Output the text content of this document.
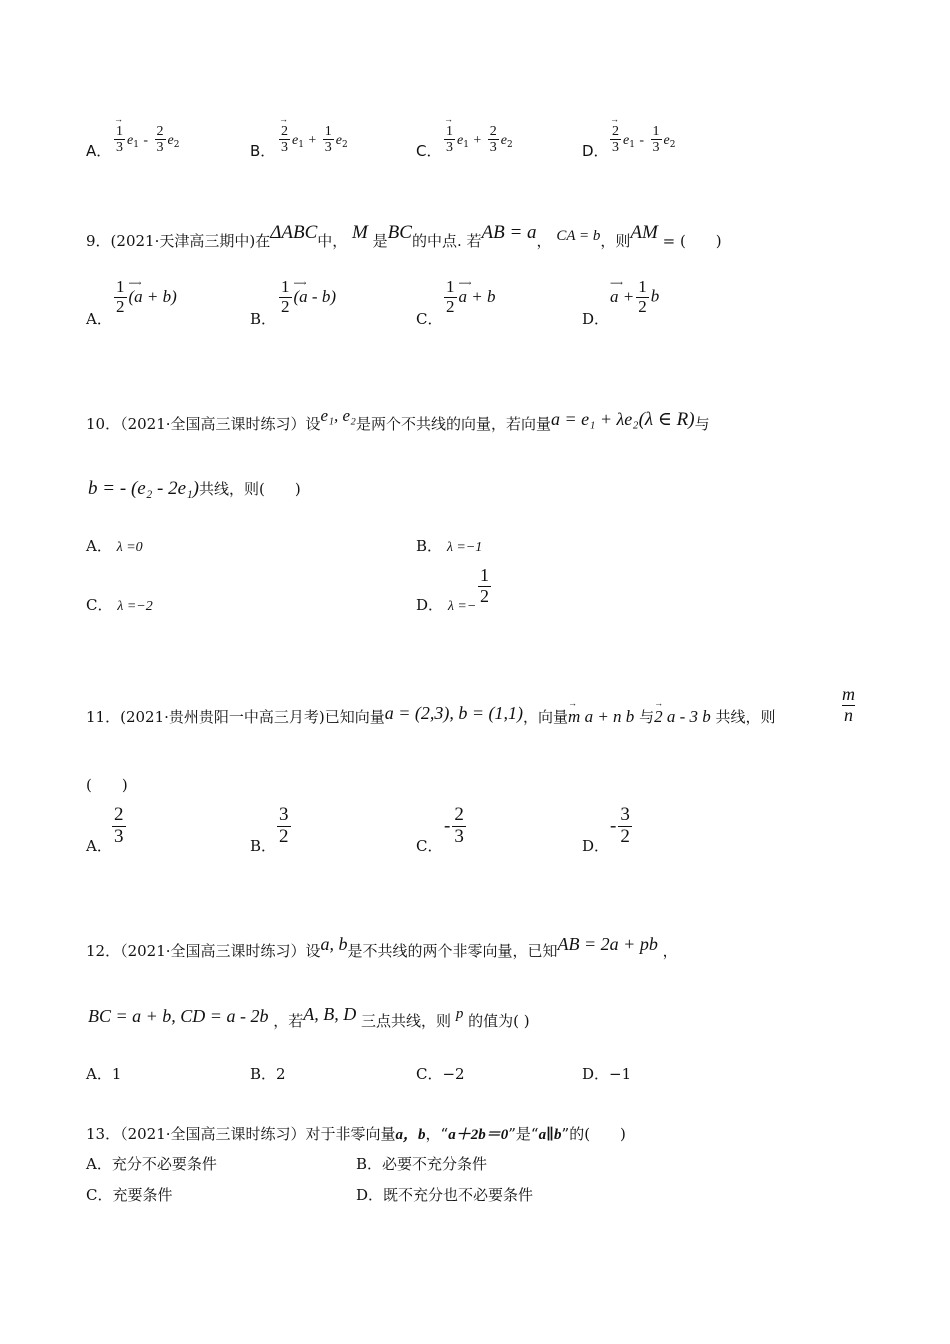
A． → $\frac{1}{3} e_1 - \frac{2}{3} e_2$	B． → $\frac{2}{3} e_1 + \frac{1}{3} e_2$	C． → $\frac{1}{3} e_1 + \frac{2}{3} e_2$	D． → $\frac{2}{3} e_1 - \frac{1}{3} e_2$
9．(2021·天津高三期中)在ΔABC中， M 是BC的中点. 若AB = a， CA = b，则AM = (　　)
A．
$\frac{1}{2}$ ⟶ (a + b)
B．
$\frac{1}{2}$ ⟶ (a - b)
C．
$\frac{1}{2}$ ⟶ a + b
D．
⟶ $a + \frac{1}{2}$ b
10．（2021·全国高三课时练习）设e₁, e₂是两个不共线的向量，若向量a = e₁ + λe₂(λ ∈ R)与
b = - (e₂ - 2e₁)共线，则(　　)
A． λ =0	B． λ =−1
C． λ =−2	D． $\lambda =- \frac{1}{2}$
11．(2021·贵州贵阳一中高三月考)已知向量a = (2,3), b = (1,1)，向量→ m a + n b 与→ 2 a - 3 b 共线，则	$\frac{m}{n}$
(　　)
A． $\frac{2}{3}$	B． $\frac{3}{2}$	C．
- $\frac{2}{3}$	D．
- $\frac{3}{2}$
12．（2021·全国高三课时练习）设a, b是不共线的两个非零向量，已知AB = 2a + pb ，
BC = a + b, CD = a - 2b ，若A, B, D 三点共线，则 p 的值为( )
A．1	B．2	C．−2	D．−1
13．（2021·全国高三课时练习）对于非零向量a，b，“a＋2b＝0”是“a∥b”的(　　)
A．充分不必要条件	B．必要不充分条件
C．充要条件	D．既不充分也不必要条件
